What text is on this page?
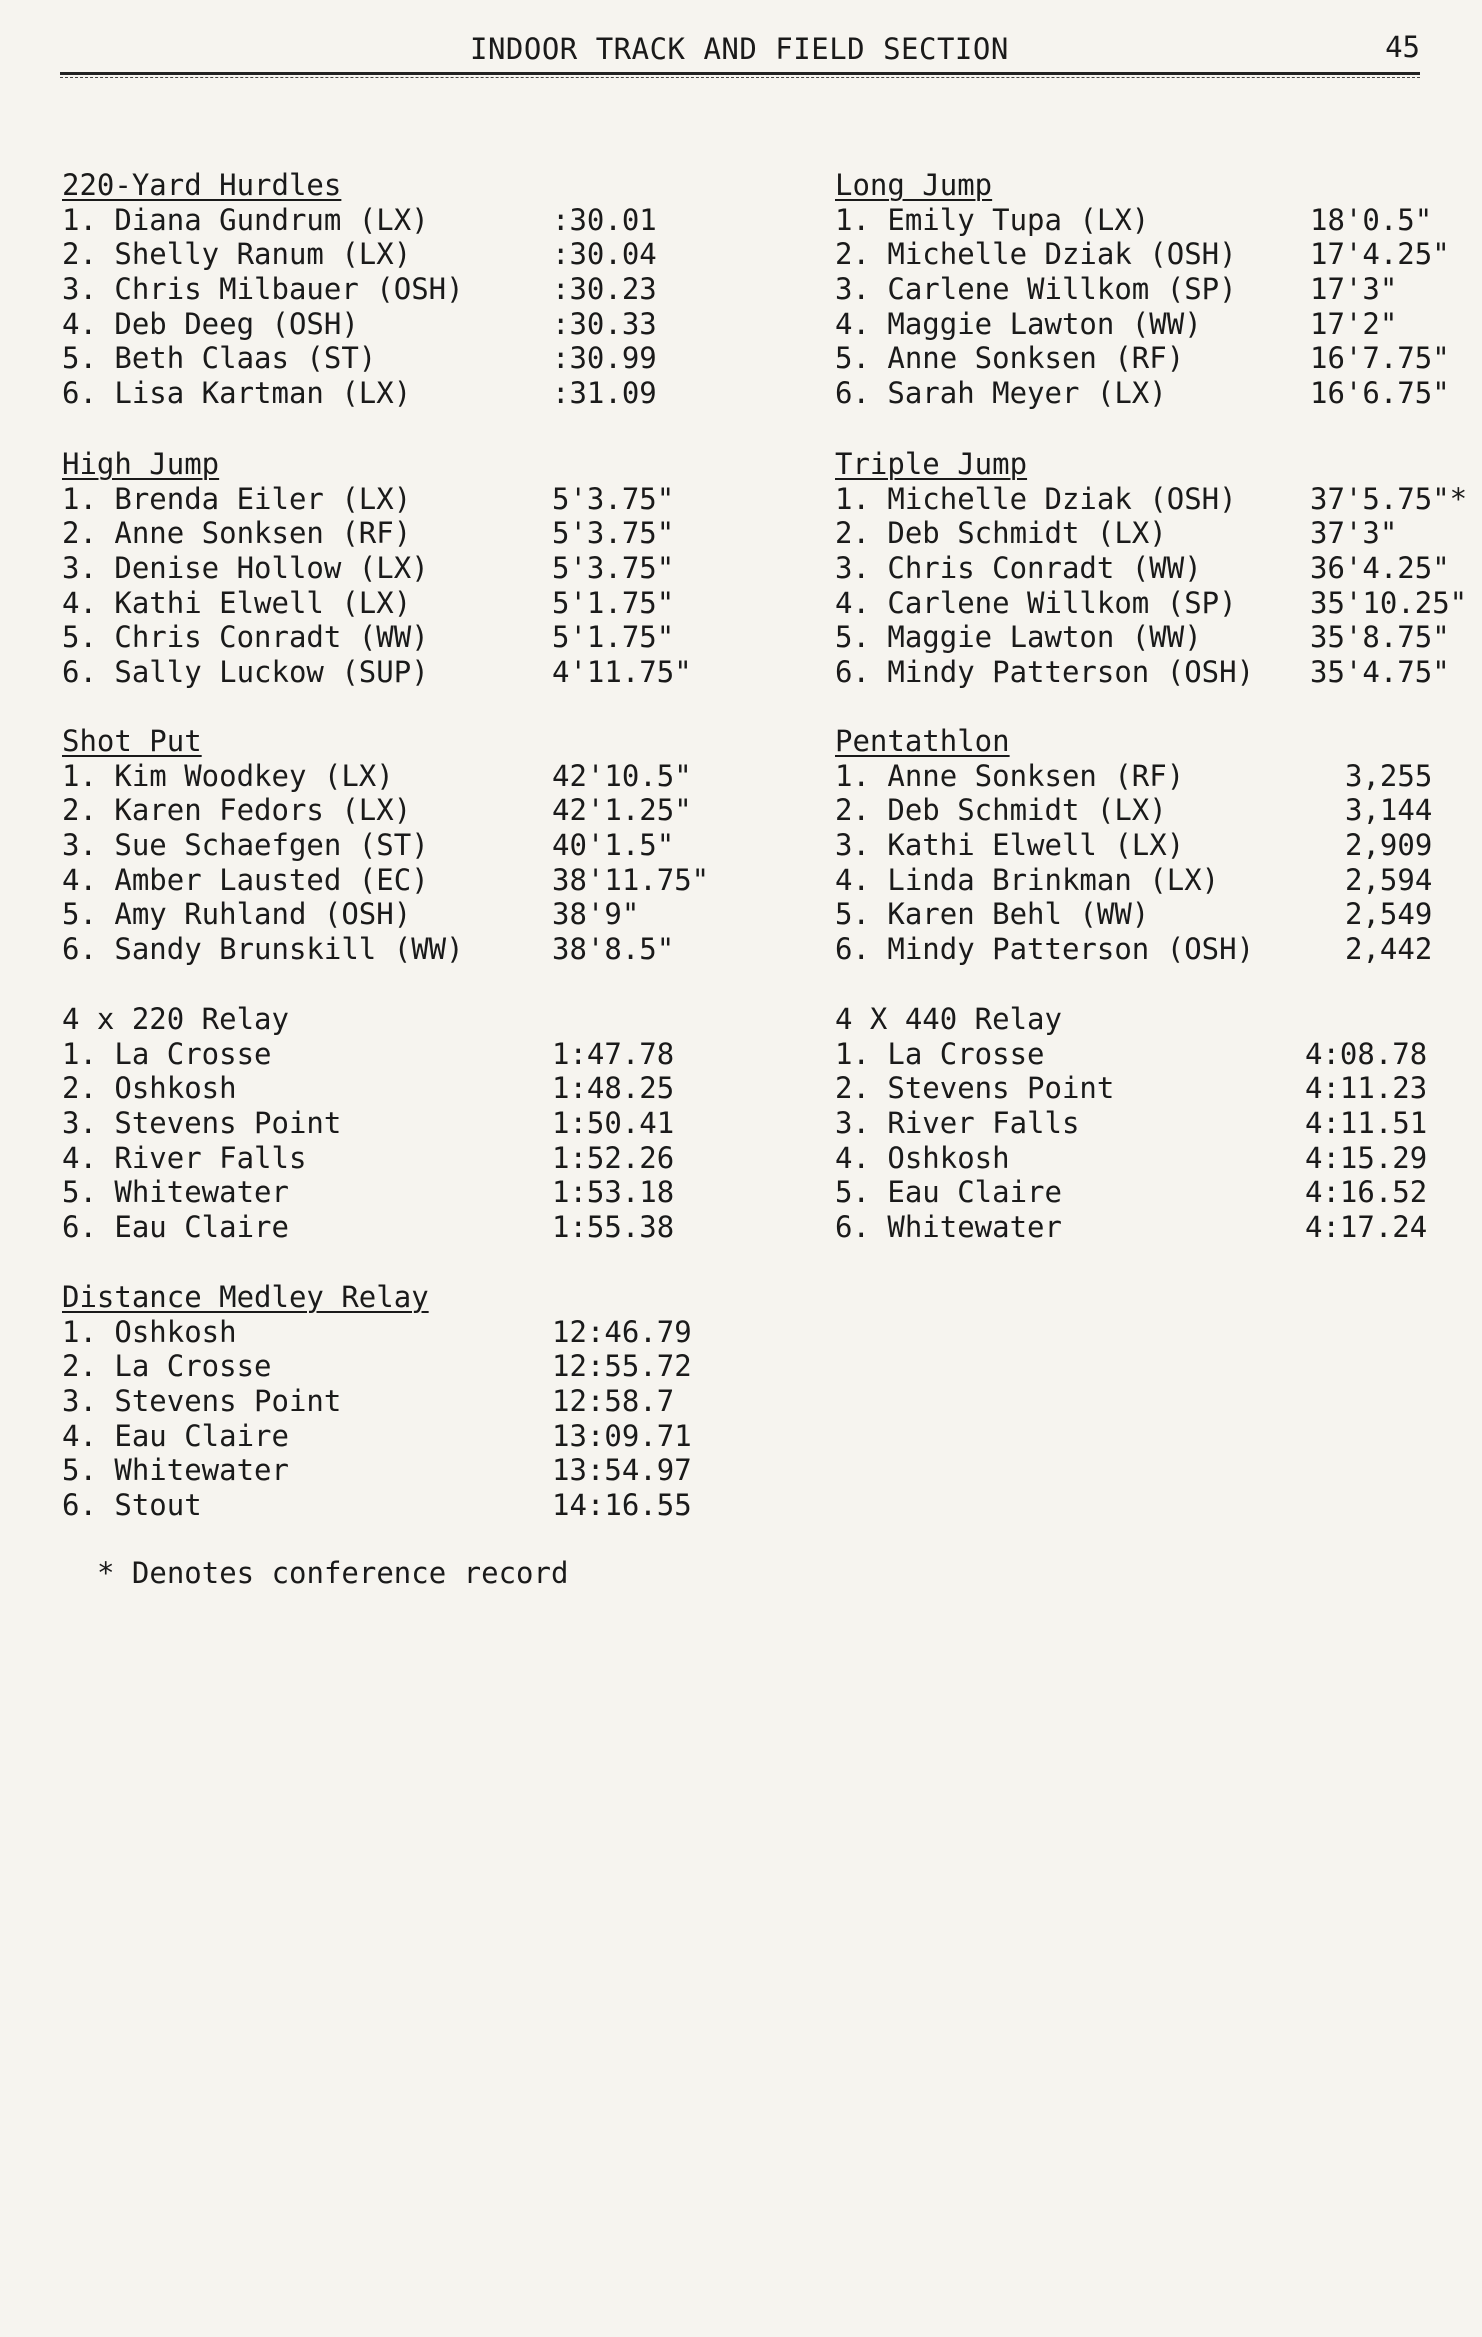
INDOOR TRACK AND FIELD SECTION	45
220-Yard Hurdles
1. Diana Gundrum (LX)	:30.01
2. Shelly Ranum (LX)	:30.04
3. Chris Milbauer (OSH)	:30.23
4. Deb Deeg (OSH)	:30.33
5. Beth Claas (ST)	:30.99
6. Lisa Kartman (LX)	:31.09
High Jump
1. Brenda Eiler (LX)	5'3.75"
2. Anne Sonksen (RF)	5'3.75"
3. Denise Hollow (LX)	5'3.75"
4. Kathi Elwell (LX)	5'1.75"
5. Chris Conradt (WW)	5'1.75"
6. Sally Luckow (SUP)	4'11.75"
Shot Put
1. Kim Woodkey (LX)	42'10.5"
2. Karen Fedors (LX)	42'1.25"
3. Sue Schaefgen (ST)	40'1.5"
4. Amber Lausted (EC)	38'11.75"
5. Amy Ruhland (OSH)	38'9"
6. Sandy Brunskill (WW)	38'8.5"
4 x 220 Relay
1. La Crosse	1:47.78
2. Oshkosh	1:48.25
3. Stevens Point	1:50.41
4. River Falls	1:52.26
5. Whitewater	1:53.18
6. Eau Claire	1:55.38
Distance Medley Relay
1. Oshkosh	12:46.79
2. La Crosse	12:55.72
3. Stevens Point	12:58.7
4. Eau Claire	13:09.71
5. Whitewater	13:54.97
6. Stout	14:16.55
Long Jump
1. Emily Tupa (LX)	18'0.5"
2. Michelle Dziak (OSH)	17'4.25"
3. Carlene Willkom (SP)	17'3"
4. Maggie Lawton (WW)	17'2"
5. Anne Sonksen (RF)	16'7.75"
6. Sarah Meyer (LX)	16'6.75"
Triple Jump
1. Michelle Dziak (OSH)	37'5.75"*
2. Deb Schmidt (LX)	37'3"
3. Chris Conradt (WW)	36'4.25"
4. Carlene Willkom (SP)	35'10.25"
5. Maggie Lawton (WW)	35'8.75"
6. Mindy Patterson (OSH) 35'4.75"
Pentathlon
1. Anne Sonksen (RF)	3,255
2. Deb Schmidt (LX)	3,144
3. Kathi Elwell (LX)	2,909
4. Linda Brinkman (LX)	2,594
5. Karen Behl (WW)	2,549
6. Mindy Patterson (OSH)	2,442
4 X 440 Relay
1. La Crosse	4:08.78
2. Stevens Point	4:11.23
3. River Falls	4:11.51
4. Oshkosh	4:15.29
5. Eau Claire	4:16.52
6. Whitewater	4:17.24
* Denotes conference record
